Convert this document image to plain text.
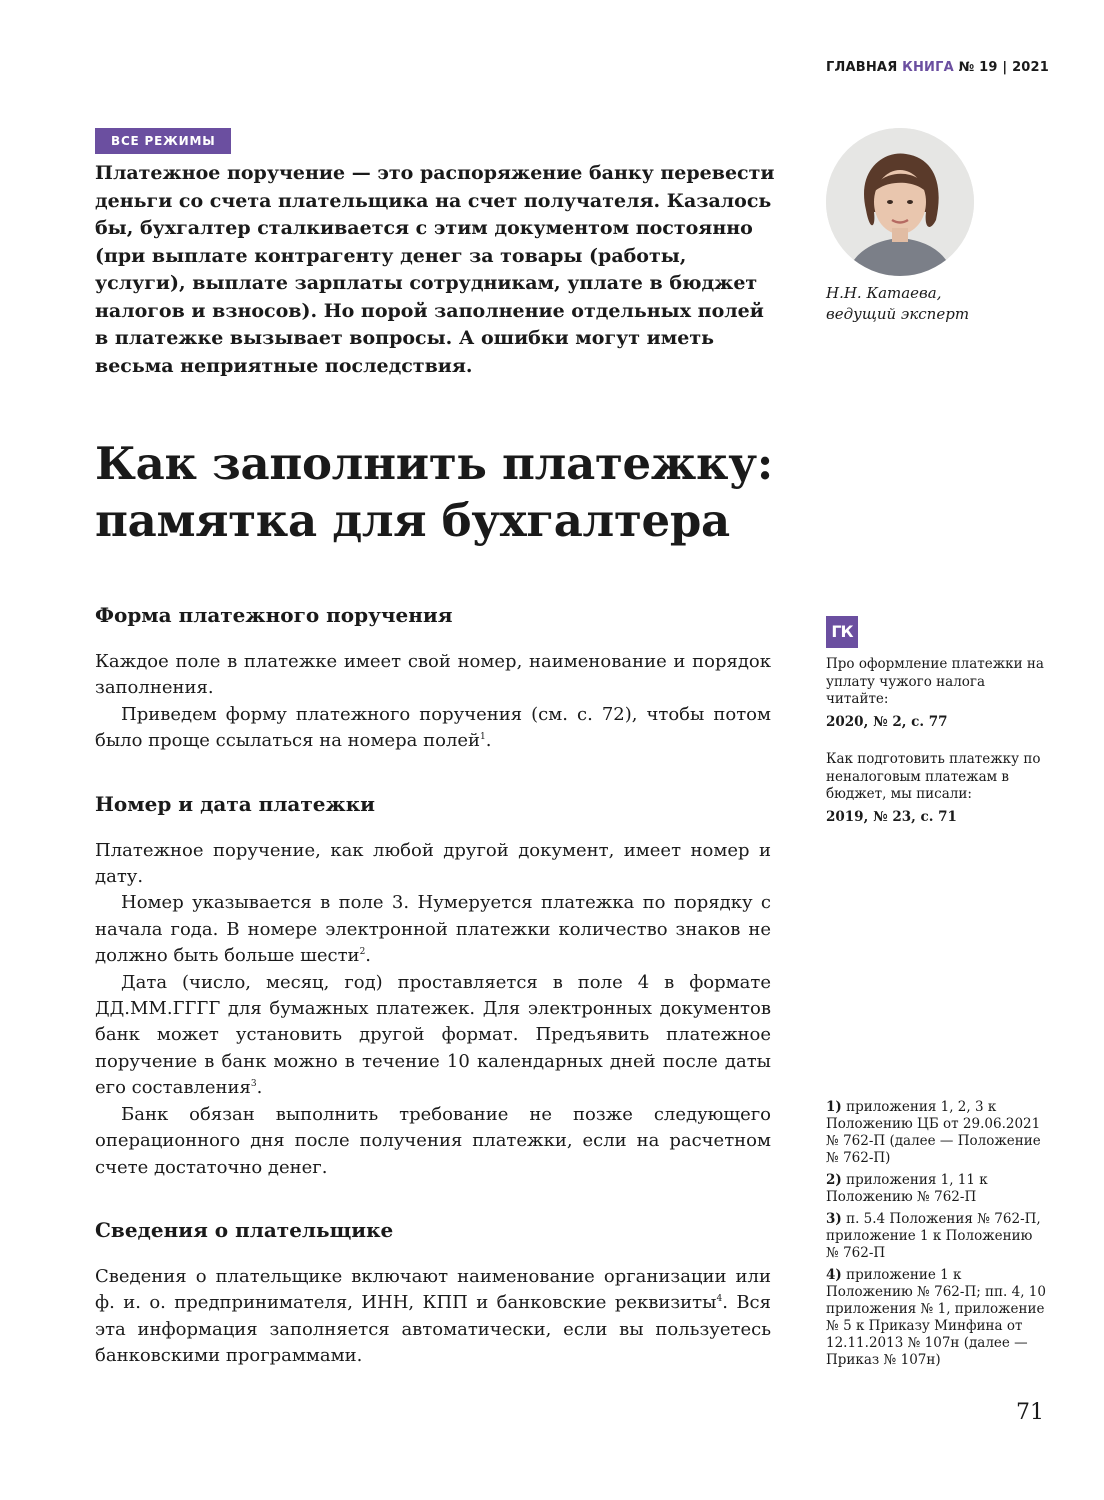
ГЛАВНАЯ КНИГА № 19 | 2021
ВСЕ РЕЖИМЫ

Платежное поручение — это распоряжение банку перевести деньги со счета плательщика на счет получателя. Казалось бы, бухгалтер сталкивается с этим документом постоянно (при выплате контрагенту денег за товары (работы, услуги), выплате зарплаты сотрудникам, уплате в бюджет налогов и взносов). Но порой заполнение отдельных полей в платежке вызывает вопросы. А ошибки могут иметь весьма неприятные последствия.

Н.Н. Катаева,
ведущий эксперт
Как заполнить платежку:
памятка для бухгалтера
Форма платежного поручения

Каждое поле в платежке имеет свой номер, наименование и порядок заполнения.

Приведем форму платежного поручения (см. с. 72), чтобы потом было проще ссылаться на номера полей$^1$.

Номер и дата платежки

Платежное поручение, как любой другой документ, имеет номер и дату.

Номер указывается в поле 3. Нумеруется платежка по порядку с начала года. В номере электронной платежки количество знаков не должно быть больше шести$^2$.

Дата (число, месяц, год) проставляется в поле 4 в формате ДД.ММ.ГГГГ для бумажных платежек. Для электронных документов банк может установить другой формат. Предъявить платежное поручение в банк можно в течение 10 календарных дней после даты его составления$^3$.

Банк обязан выполнить требование не позже следующего операционного дня после получения платежки, если на расчетном счете достаточно денег.

Сведения о плательщике

Сведения о плательщике включают наименование организации или ф. и. о. предпринимателя, ИНН, КПП и банковские реквизиты$^4$. Вся эта информация заполняется автоматически, если вы пользуетесь банковскими программами.

ГК
Про оформление платежки на уплату чужого налога читайте:
2020, № 2, с. 77
Как подготовить платежку по неналоговым платежам в бюджет, мы писали:
2019, № 23, с. 71

1) приложения 1, 2, 3 к Положению ЦБ от 29.06.2021 № 762-П (далее — Положение № 762-П)

2) приложения 1, 11 к Положению № 762-П

3) п. 5.4 Положения № 762-П, приложение 1 к Положению № 762-П

4) приложение 1 к Положению № 762-П; пп. 4, 10 приложения № 1, приложение № 5 к Приказу Минфина от 12.11.2013 № 107н (далее — Приказ № 107н)

71
